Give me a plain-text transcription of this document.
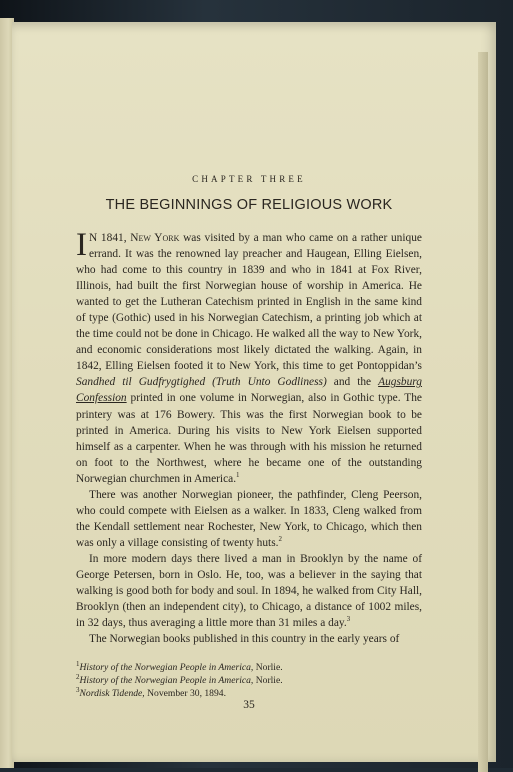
CHAPTER THREE
THE BEGINNINGS OF RELIGIOUS WORK

I N 1841, New York was visited by a man who came on a rather unique errand. It was the renowned lay preacher and Haugean, Elling Eielsen, who had come to this country in 1839 and who in 1841 at Fox River, Illinois, had built the first Norwegian house of worship in America. He wanted to get the Lutheran Catechism printed in English in the same kind of type (Gothic) used in his Norwegian Catechism, a printing job which at the time could not be done in Chicago. He walked all the way to New York, and economic considerations most likely dictated the walking. Again, in 1842, Elling Eielsen footed it to New York, this time to get Pontoppidan’s Sandhed til Gudfrygtighed (Truth Unto Godliness) and the Augsburg Confession printed in one volume in Norwegian, also in Gothic type. The printery was at 176 Bowery. This was the first Norwegian book to be printed in America. During his visits to New York Eielsen supported himself as a carpenter. When he was through with his mission he returned on foot to the Northwest, where he became one of the outstanding Norwegian churchmen in America.$^1$

There was another Norwegian pioneer, the pathfinder, Cleng Peerson, who could compete with Eielsen as a walker. In 1833, Cleng walked from the Kendall settlement near Rochester, New York, to Chicago, which then was only a village consisting of twenty huts.$^2$

In more modern days there lived a man in Brooklyn by the name of George Petersen, born in Oslo. He, too, was a believer in the saying that walking is good both for body and soul. In 1894, he walked from City Hall, Brooklyn (then an independent city), to Chicago, a distance of 1002 miles, in 32 days, thus averaging a little more than 31 miles a day.$^3$

The Norwegian books published in this country in the early years of

$^1$History of the Norwegian People in America, Norlie.
$^2$History of the Norwegian People in America, Norlie.
$^3$Nordisk Tidende, November 30, 1894.
35
